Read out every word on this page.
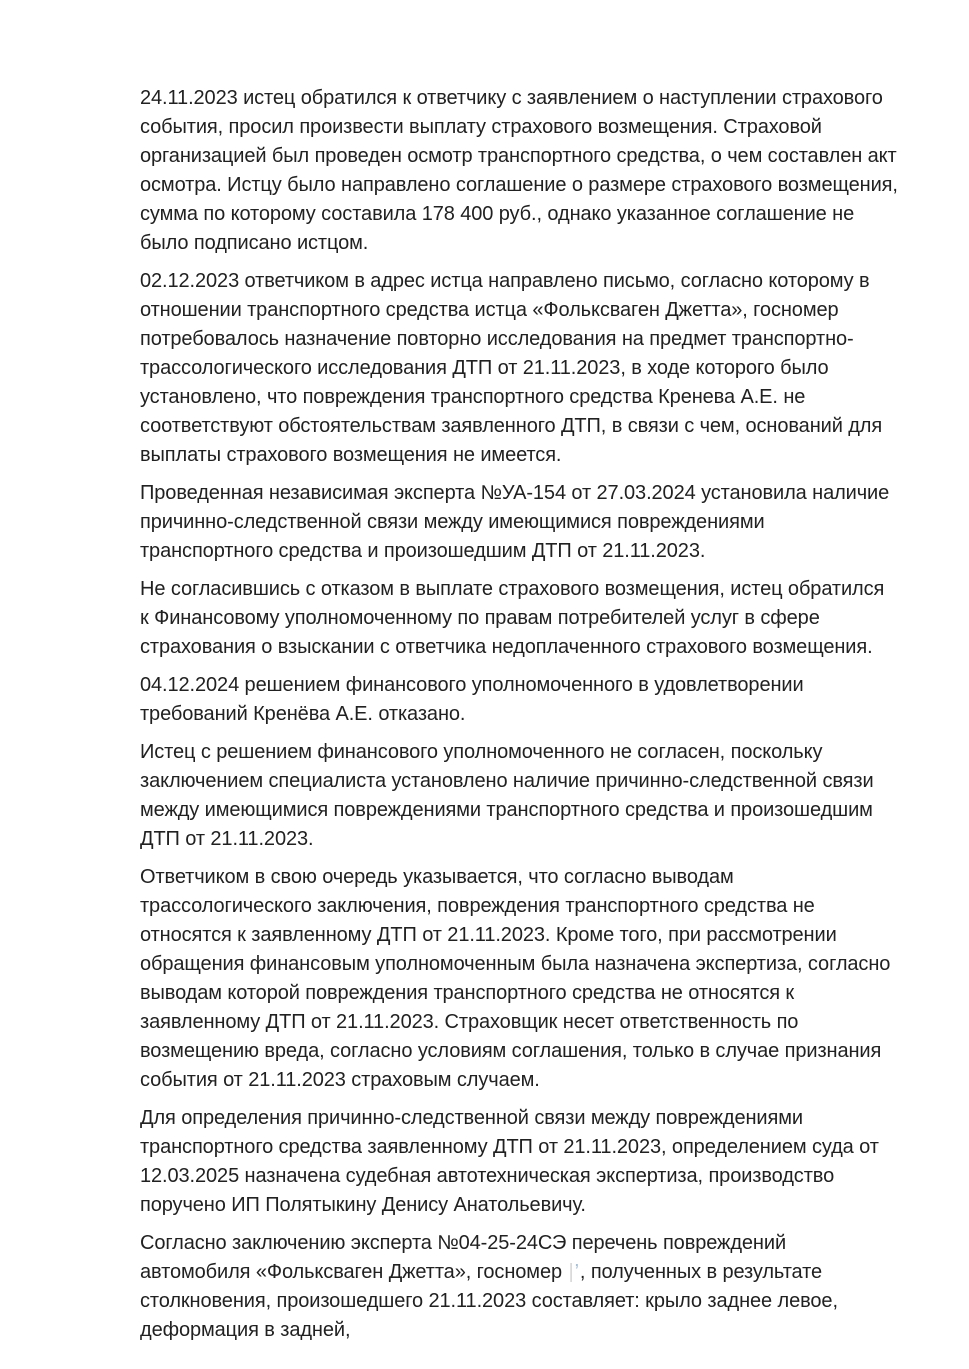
24.11.2023 истец обратился к ответчику с заявлением о наступлении страхового события, просил произвести выплату страхового возмещения. Страховой организацией был проведен осмотр транспортного средства, о чем составлен акт осмотра. Истцу было направлено соглашение о размере страхового возмещения, сумма по которому составила 178 400 руб., однако указанное соглашение не было подписано истцом.

02.12.2023 ответчиком в адрес истца направлено письмо, согласно которому в отношении транспортного средства истца «Фольксваген Джетта», госномер потребовалось назначение повторно исследования на предмет транспортно-трассологического исследования ДТП от 21.11.2023, в ходе которого было установлено, что повреждения транспортного средства Кренева А.Е. не соответствуют обстоятельствам заявленного ДТП, в связи с чем, оснований для выплаты страхового возмещения не имеется.

Проведенная независимая эксперта №УА-154 от 27.03.2024 установила наличие причинно-следственной связи между имеющимися повреждениями транспортного средства и произошедшим ДТП от 21.11.2023.

Не согласившись с отказом в выплате страхового возмещения, истец обратился к Финансовому уполномоченному по правам потребителей услуг в сфере страхования о взыскании с ответчика недоплаченного страхового возмещения.

04.12.2024 решением финансового уполномоченного в удовлетворении требований Кренёва А.Е. отказано.

Истец с решением финансового уполномоченного не согласен, поскольку заключением специалиста установлено наличие причинно-следственной связи между имеющимися повреждениями транспортного средства и произошедшим ДТП от 21.11.2023.

Ответчиком в свою очередь указывается, что согласно выводам трассологического заключения, повреждения транспортного средства не относятся к заявленному ДТП от 21.11.2023. Кроме того, при рассмотрении обращения финансовым уполномоченным была назначена экспертиза, согласно выводам которой повреждения транспортного средства не относятся к заявленному ДТП от 21.11.2023. Страховщик несет ответственность по возмещению вреда, согласно условиям соглашения, только в случае признания события от 21.11.2023 страховым случаем.

Для определения причинно-следственной связи между повреждениями транспортного средства заявленному ДТП от 21.11.2023, определением суда от 12.03.2025 назначена судебная автотехническая экспертиза, производство поручено ИП Полятыкину Денису Анатольевичу.

Согласно заключению эксперта №04-25-24СЭ перечень повреждений автомобиля «Фольксваген Джетта», госномер |’, полученных в результате столкновения, произошедшего 21.11.2023 составляет: крыло заднее левое, деформация в задней,
